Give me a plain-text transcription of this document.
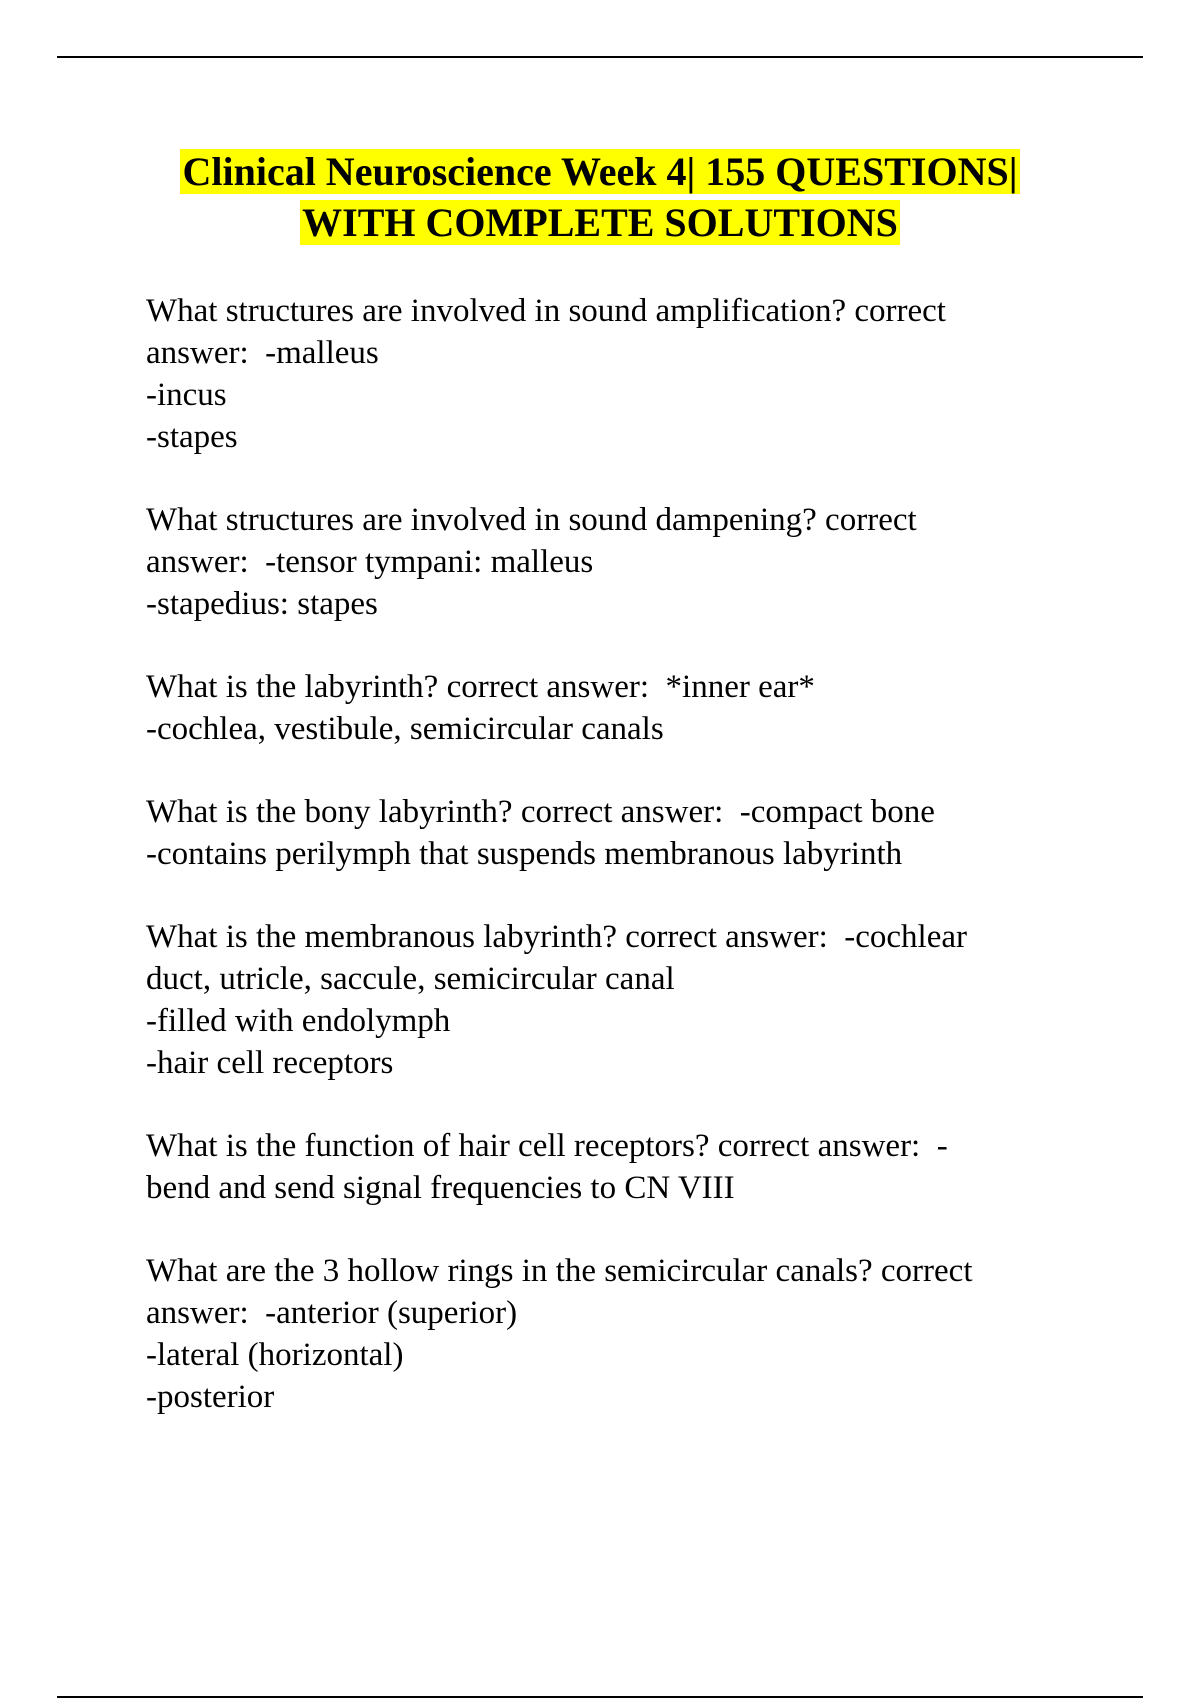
Clinical Neuroscience Week 4| 155 QUESTIONS|
WITH COMPLETE SOLUTIONS
What structures are involved in sound amplification? correct
answer:  -malleus
-incus
-stapes
What structures are involved in sound dampening? correct
answer:  -tensor tympani: malleus
-stapedius: stapes
What is the labyrinth? correct answer:  *inner ear*
-cochlea, vestibule, semicircular canals
What is the bony labyrinth? correct answer:  -compact bone
-contains perilymph that suspends membranous labyrinth
What is the membranous labyrinth? correct answer:  -cochlear
duct, utricle, saccule, semicircular canal
-filled with endolymph
-hair cell receptors
What is the function of hair cell receptors? correct answer:  -
bend and send signal frequencies to CN VIII
What are the 3 hollow rings in the semicircular canals? correct
answer:  -anterior (superior)
-lateral (horizontal)
-posterior
